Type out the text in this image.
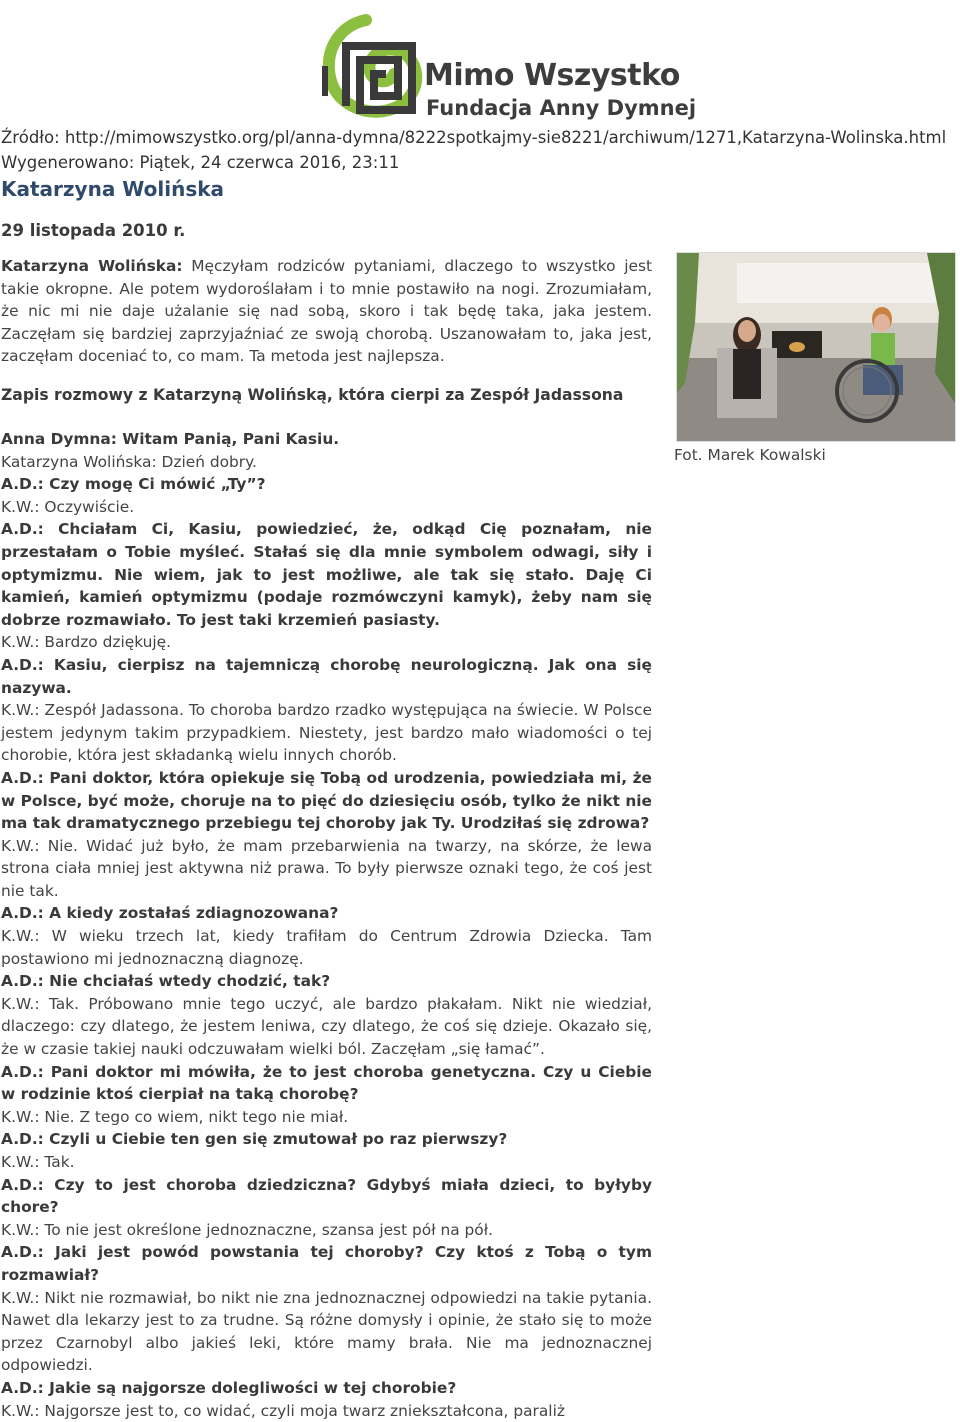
Mimo Wszystko
Fundacja Anny Dymnej
Źródło: http://mimowszystko.org/pl/anna-dymna/8222spotkajmy-sie8221/archiwum/1271,Katarzyna-Wolinska.html
Wygenerowano: Piątek, 24 czerwca 2016, 23:11
Katarzyna Wolińska
29 listopada 2010 r.
Katarzyna Wolińska: Męczyłam rodziców pytaniami, dlaczego to wszystko jest takie okropne. Ale potem wydoroślałam i to mnie postawiło na nogi. Zrozumiałam, że nic mi nie daje użalanie się nad sobą, skoro i tak będę taka, jaka jestem. Zaczęłam się bardziej zaprzyjaźniać ze swoją chorobą. Uszanowałam to, jaka jest, zaczęłam doceniać to, co mam. Ta metoda jest najlepsza.
Zapis rozmowy z Katarzyną Wolińską, która cierpi za Zespół Jadassona

Anna Dymna: Witam Panią, Pani Kasiu.

Katarzyna Wolińska: Dzień dobry.

A.D.: Czy mogę Ci mówić „Ty”?

K.W.: Oczywiście.

A.D.: Chciałam Ci, Kasiu, powiedzieć, że, odkąd Cię poznałam, nie przestałam o Tobie myśleć. Stałaś się dla mnie symbolem odwagi, siły i optymizmu. Nie wiem, jak to jest możliwe, ale tak się stało. Daję Ci kamień, kamień optymizmu (podaje rozmówczyni kamyk), żeby nam się dobrze rozmawiało. To jest taki krzemień pasiasty.

K.W.: Bardzo dziękuję.

A.D.: Kasiu, cierpisz na tajemniczą chorobę neurologiczną. Jak ona się nazywa.

K.W.: Zespół Jadassona. To choroba bardzo rzadko występująca na świecie. W Polsce jestem jedynym takim przypadkiem. Niestety, jest bardzo mało wiadomości o tej chorobie, która jest składanką wielu innych chorób.

A.D.: Pani doktor, która opiekuje się Tobą od urodzenia, powiedziała mi, że w Polsce, być może, choruje na to pięć do dziesięciu osób, tylko że nikt nie ma tak dramatycznego przebiegu tej choroby jak Ty. Urodziłaś się zdrowa?

K.W.: Nie. Widać już było, że mam przebarwienia na twarzy, na skórze, że lewa strona ciała mniej jest aktywna niż prawa. To były pierwsze oznaki tego, że coś jest nie tak.

A.D.: A kiedy zostałaś zdiagnozowana?

K.W.: W wieku trzech lat, kiedy trafiłam do Centrum Zdrowia Dziecka. Tam postawiono mi jednoznaczną diagnozę.

A.D.: Nie chciałaś wtedy chodzić, tak?

K.W.: Tak. Próbowano mnie tego uczyć, ale bardzo płakałam. Nikt nie wiedział, dlaczego: czy dlatego, że jestem leniwa, czy dlatego, że coś się dzieje. Okazało się, że w czasie takiej nauki odczuwałam wielki ból. Zaczęłam „się łamać”.

A.D.: Pani doktor mi mówiła, że to jest choroba genetyczna. Czy u Ciebie w rodzinie ktoś cierpiał na taką chorobę?

K.W.: Nie. Z tego co wiem, nikt tego nie miał.

A.D.: Czyli u Ciebie ten gen się zmutował po raz pierwszy?

K.W.: Tak.

A.D.: Czy to jest choroba dziedziczna? Gdybyś miała dzieci, to byłyby chore?

K.W.: To nie jest określone jednoznaczne, szansa jest pół na pół.

A.D.: Jaki jest powód powstania tej choroby? Czy ktoś z Tobą o tym rozmawiał?

K.W.: Nikt nie rozmawiał, bo nikt nie zna jednoznacznej odpowiedzi na takie pytania. Nawet dla lekarzy jest to za trudne. Są różne domysły i opinie, że stało się to może przez Czarnobyl albo jakieś leki, które mamy brała. Nie ma jednoznacznej odpowiedzi.

A.D.: Jakie są najgorsze dolegliwości w tej chorobie?

K.W.: Najgorsze jest to, co widać, czyli moja twarz zniekształcona, paraliż

Fot. Marek Kowalski
